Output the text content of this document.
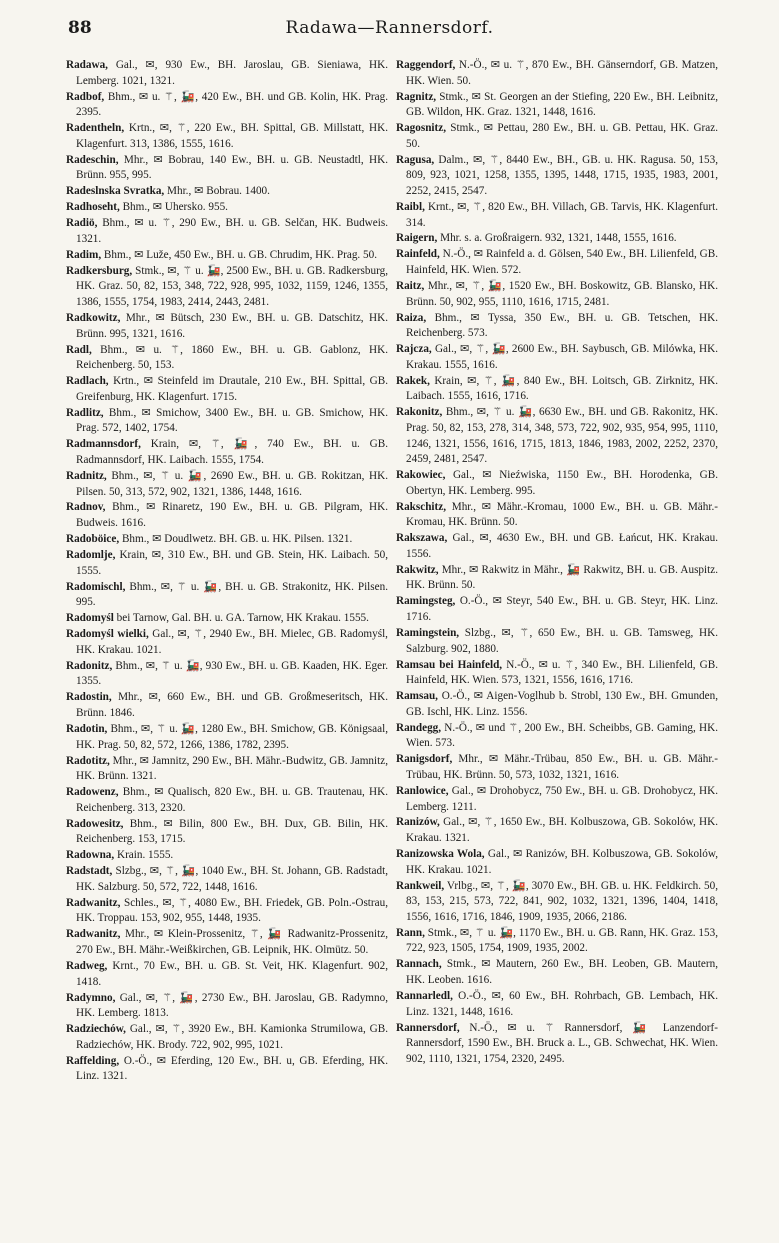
88	Radawa—Rannersdorf.

Radawa, Gal., ✉, 930 Ew., BH. Jaroslau, GB. Sieniawa, HK. Lemberg. 1021, 1321.

Radbof, Bhm., ✉ u. ⚚, 🚂, 420 Ew., BH. und GB. Kolin, HK. Prag. 2395.

Radentheln, Krtn., ✉, ⚚, 220 Ew., BH. Spittal, GB. Millstatt, HK. Klagenfurt. 313, 1386, 1555, 1616.

Radeschin, Mhr., ✉ Bobrau, 140 Ew., BH. u. GB. Neustadtl, HK. Brünn. 955, 995.

Radeslnska Svratka, Mhr., ✉ Bobrau. 1400.

Radhoseht, Bhm., ✉ Uhersko. 955.

Radiö, Bhm., ✉ u. ⚚, 290 Ew., BH. u. GB. Selčan, HK. Budweis. 1321.

Radim, Bhm., ✉ Luže, 450 Ew., BH. u. GB. Chrudim, HK. Prag. 50.

Radkersburg, Stmk., ✉, ⚚ u. 🚂, 2500 Ew., BH. u. GB. Radkersburg, HK. Graz. 50, 82, 153, 348, 722, 928, 995, 1032, 1159, 1246, 1355, 1386, 1555, 1754, 1983, 2414, 2443, 2481.

Radkowitz, Mhr., ✉ Bütsch, 230 Ew., BH. u. GB. Datschitz, HK. Brünn. 995, 1321, 1616.

Radl, Bhm., ✉ u. ⚚, 1860 Ew., BH. u. GB. Gablonz, HK. Reichenberg. 50, 153.

Radlach, Krtn., ✉ Steinfeld im Drautale, 210 Ew., BH. Spittal, GB. Greifenburg, HK. Klagenfurt. 1715.

Radlitz, Bhm., ✉ Smichow, 3400 Ew., BH. u. GB. Smichow, HK. Prag. 572, 1402, 1754.

Radmannsdorf, Krain, ✉, ⚚, 🚂, 740 Ew., BH. u. GB. Radmannsdorf, HK. Laibach. 1555, 1754.

Radnitz, Bhm., ✉, ⚚ u. 🚂, 2690 Ew., BH. u. GB. Rokitzan, HK. Pilsen. 50, 313, 572, 902, 1321, 1386, 1448, 1616.

Radnov, Bhm., ✉ Rinaretz, 190 Ew., BH. u. GB. Pilgram, HK. Budweis. 1616.

Radoböice, Bhm., ✉ Doudlwetz. BH. GB. u. HK. Pilsen. 1321.

Radomlje, Krain, ✉, 310 Ew., BH. und GB. Stein, HK. Laibach. 50, 1555.

Radomischl, Bhm., ✉, ⚚ u. 🚂, BH. u. GB. Strakonitz, HK. Pilsen. 995.

Radomyśl bei Tarnow, Gal. BH. u. GA. Tarnow, HK Krakau. 1555.

Radomyśl wielki, Gal., ✉, ⚚, 2940 Ew., BH. Mielec, GB. Radomyśl, HK. Krakau. 1021.

Radonitz, Bhm., ✉, ⚚ u. 🚂, 930 Ew., BH. u. GB. Kaaden, HK. Eger. 1355.

Radostin, Mhr., ✉, 660 Ew., BH. und GB. Großmeseritsch, HK. Brünn. 1846.

Radotin, Bhm., ✉, ⚚ u. 🚂, 1280 Ew., BH. Smichow, GB. Königsaal, HK. Prag. 50, 82, 572, 1266, 1386, 1782, 2395.

Radotitz, Mhr., ✉ Jamnitz, 290 Ew., BH. Mähr.-Budwitz, GB. Jamnitz, HK. Brünn. 1321.

Radowenz, Bhm., ✉ Qualisch, 820 Ew., BH. u. GB. Trautenau, HK. Reichenberg. 313, 2320.

Radowesitz, Bhm., ✉ Bilin, 800 Ew., BH. Dux, GB. Bilin, HK. Reichenberg. 153, 1715.

Radowna, Krain. 1555.

Radstadt, Slzbg., ✉, ⚚, 🚂, 1040 Ew., BH. St. Johann, GB. Radstadt, HK. Salzburg. 50, 572, 722, 1448, 1616.

Radwanitz, Schles., ✉, ⚚, 4080 Ew., BH. Friedek, GB. Poln.-Ostrau, HK. Troppau. 153, 902, 955, 1448, 1935.

Radwanitz, Mhr., ✉ Klein-Prossenitz, ⚚, 🚂 Radwanitz-Prossenitz, 270 Ew., BH. Mähr.-Weißkirchen, GB. Leipnik, HK. Olmütz. 50.

Radweg, Krnt., 70 Ew., BH. u. GB. St. Veit, HK. Klagenfurt. 902, 1418.

Radymno, Gal., ✉, ⚚, 🚂, 2730 Ew., BH. Jaroslau, GB. Radymno, HK. Lemberg. 1813.

Radziechów, Gal., ✉, ⚚, 3920 Ew., BH. Kamionka Strumilowa, GB. Radziechów, HK. Brody. 722, 902, 995, 1021.

Raffelding, O.-Ö., ✉ Eferding, 120 Ew., BH. u, GB. Eferding, HK. Linz. 1321.

Raggendorf, N.-Ö., ✉ u. ⚚, 870 Ew., BH. Gänserndorf, GB. Matzen, HK. Wien. 50.

Ragnitz, Stmk., ✉ St. Georgen an der Stiefing, 220 Ew., BH. Leibnitz, GB. Wildon, HK. Graz. 1321, 1448, 1616.

Ragosnitz, Stmk., ✉ Pettau, 280 Ew., BH. u. GB. Pettau, HK. Graz. 50.

Ragusa, Dalm., ✉, ⚚, 8440 Ew., BH., GB. u. HK. Ragusa. 50, 153, 809, 923, 1021, 1258, 1355, 1395, 1448, 1715, 1935, 1983, 2001, 2252, 2415, 2547.

Raibl, Krnt., ✉, ⚚, 820 Ew., BH. Villach, GB. Tarvis, HK. Klagenfurt. 314.

Raigern, Mhr. s. a. Großraigern. 932, 1321, 1448, 1555, 1616.

Rainfeld, N.-Ö., ✉ Rainfeld a. d. Gölsen, 540 Ew., BH. Lilienfeld, GB. Hainfeld, HK. Wien. 572.

Raitz, Mhr., ✉, ⚚, 🚂, 1520 Ew., BH. Boskowitz, GB. Blansko, HK. Brünn. 50, 902, 955, 1110, 1616, 1715, 2481.

Raiza, Bhm., ✉ Tyssa, 350 Ew., BH. u. GB. Tetschen, HK. Reichenberg. 573.

Rajcza, Gal., ✉, ⚚, 🚂, 2600 Ew., BH. Saybusch, GB. Milówka, HK. Krakau. 1555, 1616.

Rakek, Krain, ✉, ⚚, 🚂, 840 Ew., BH. Loitsch, GB. Zirknitz, HK. Laibach. 1555, 1616, 1716.

Rakonitz, Bhm., ✉, ⚚ u. 🚂, 6630 Ew., BH. und GB. Rakonitz, HK. Prag. 50, 82, 153, 278, 314, 348, 573, 722, 902, 935, 954, 995, 1110, 1246, 1321, 1556, 1616, 1715, 1813, 1846, 1983, 2002, 2252, 2370, 2459, 2481, 2547.

Rakowiec, Gal., ✉ Nieźwiska, 1150 Ew., BH. Horodenka, GB. Obertyn, HK. Lemberg. 995.

Rakschitz, Mhr., ✉ Mähr.-Kromau, 1000 Ew., BH. u. GB. Mähr.-Kromau, HK. Brünn. 50.

Rakszawa, Gal., ✉, 4630 Ew., BH. und GB. Łańcut, HK. Krakau. 1556.

Rakwitz, Mhr., ✉ Rakwitz in Mähr., 🚂 Rakwitz, BH. u. GB. Auspitz. HK. Brünn. 50.

Ramingsteg, O.-Ö., ✉ Steyr, 540 Ew., BH. u. GB. Steyr, HK. Linz. 1716.

Ramingstein, Slzbg., ✉, ⚚, 650 Ew., BH. u. GB. Tamsweg, HK. Salzburg. 902, 1880.

Ramsau bei Hainfeld, N.-Ö., ✉ u. ⚚, 340 Ew., BH. Lilienfeld, GB. Hainfeld, HK. Wien. 573, 1321, 1556, 1616, 1716.

Ramsau, O.-Ö., ✉ Aigen-Voglhub b. Strobl, 130 Ew., BH. Gmunden, GB. Ischl, HK. Linz. 1556.

Randegg, N.-Ö., ✉ und ⚚, 200 Ew., BH. Scheibbs, GB. Gaming, HK. Wien. 573.

Ranigsdorf, Mhr., ✉ Mähr.-Trübau, 850 Ew., BH. u. GB. Mähr.-Trübau, HK. Brünn. 50, 573, 1032, 1321, 1616.

Ranlowice, Gal., ✉ Drohobycz, 750 Ew., BH. u. GB. Drohobycz, HK. Lemberg. 1211.

Ranizów, Gal., ✉, ⚚, 1650 Ew., BH. Kolbuszowa, GB. Sokolów, HK. Krakau. 1321.

Ranizowska Wola, Gal., ✉ Ranizów, BH. Kolbuszowa, GB. Sokolów, HK. Krakau. 1021.

Rankweil, Vrlbg., ✉, ⚚, 🚂, 3070 Ew., BH. GB. u. HK. Feldkirch. 50, 83, 153, 215, 573, 722, 841, 902, 1032, 1321, 1396, 1404, 1418, 1556, 1616, 1716, 1846, 1909, 1935, 2066, 2186.

Rann, Stmk., ✉, ⚚ u. 🚂, 1170 Ew., BH. u. GB. Rann, HK. Graz. 153, 722, 923, 1505, 1754, 1909, 1935, 2002.

Rannach, Stmk., ✉ Mautern, 260 Ew., BH. Leoben, GB. Mautern, HK. Leoben. 1616.

Rannarledl, O.-Ö., ✉, 60 Ew., BH. Rohrbach, GB. Lembach, HK. Linz. 1321, 1448, 1616.

Rannersdorf, N.-Ö., ✉ u. ⚚ Rannersdorf, 🚂 Lanzendorf-Rannersdorf, 1590 Ew., BH. Bruck a. L., GB. Schwechat, HK. Wien. 902, 1110, 1321, 1754, 2320, 2495.
